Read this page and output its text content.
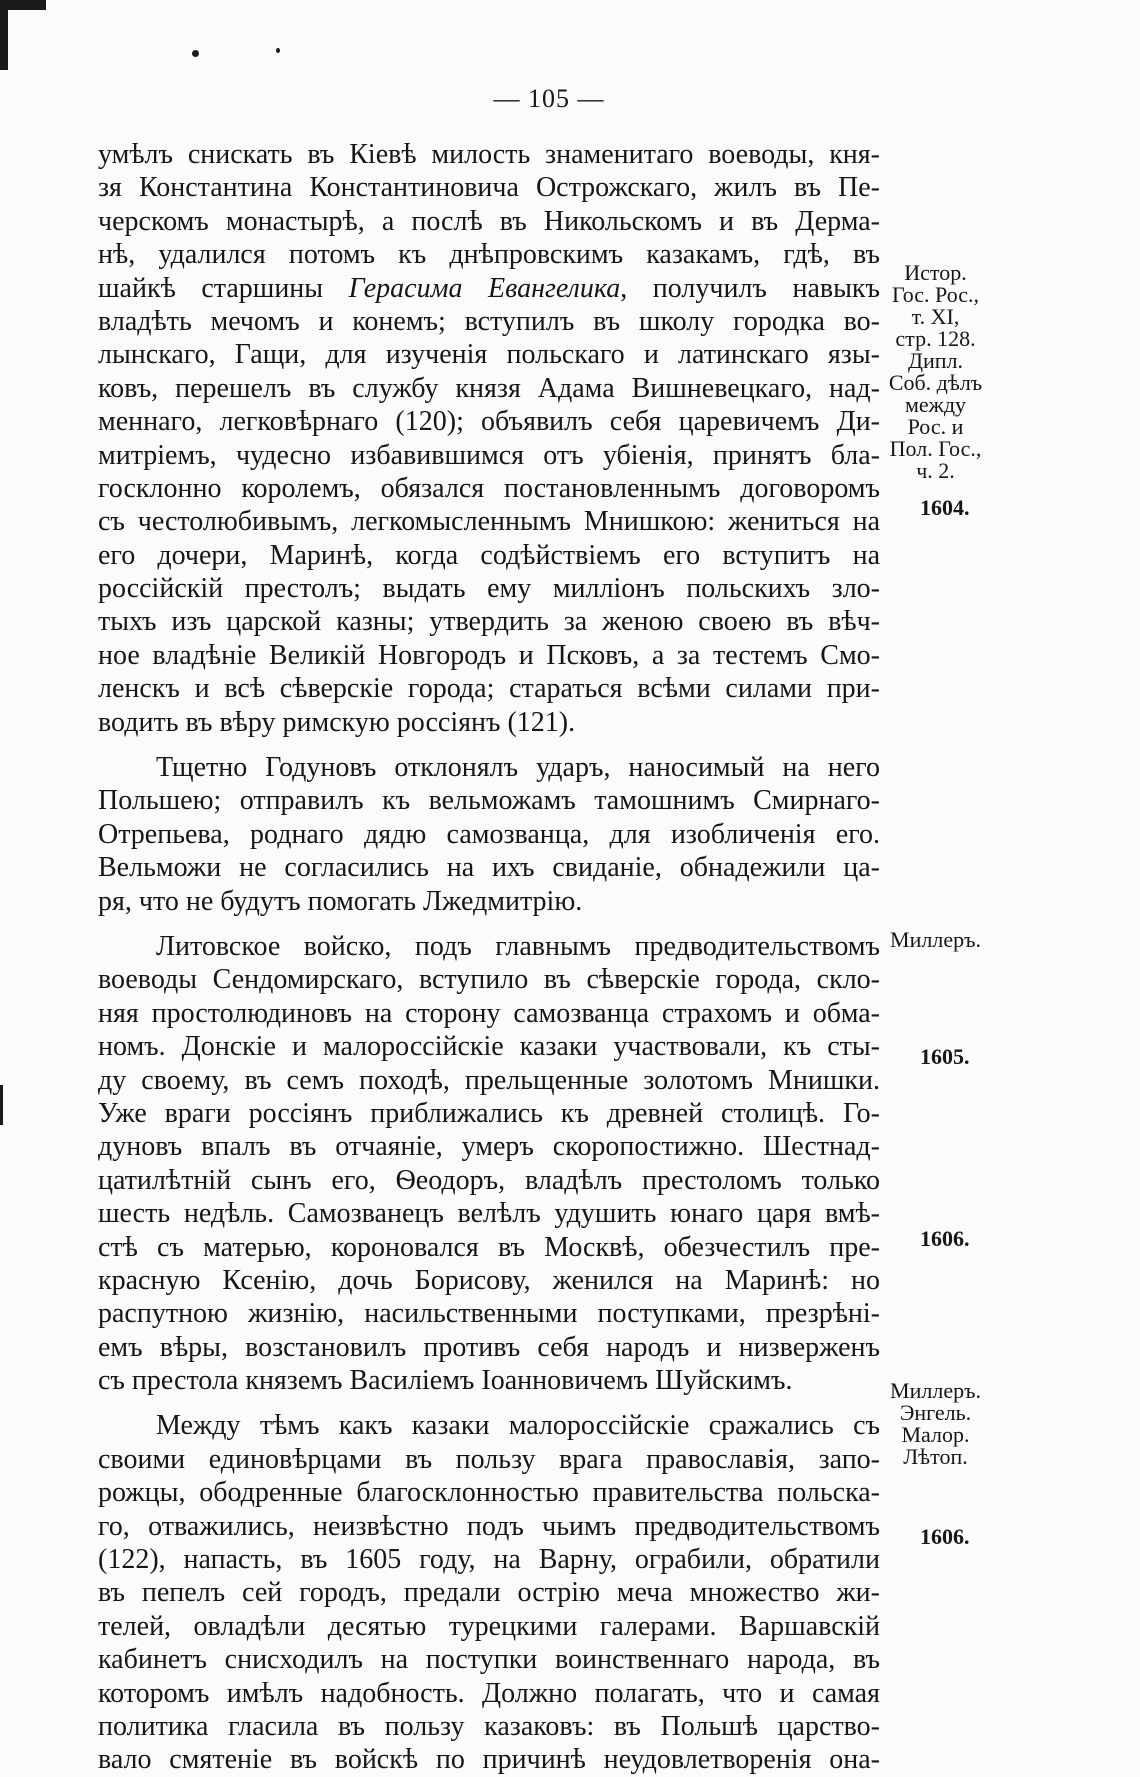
— 105 —
умѣлъ снискать въ Кіевѣ милость знаменитаго воеводы, кня-
зя Константина Константиновича Острожскаго, жилъ въ Пе-
черскомъ монастырѣ, а послѣ въ Никольскомъ и въ Дерма-
нѣ, удалился потомъ къ днѣпровскимъ казакамъ, гдѣ, въ
шайкѣ старшины Герасима Евангелика, получилъ навыкъ
владѣть мечомъ и конемъ; вступилъ въ школу городка во-
лынскаго, Гащи, для изученія польскаго и латинскаго язы-
ковъ, перешелъ въ службу князя Адама Вишневецкаго, над-
меннаго, легковѣрнаго (120); объявилъ себя царевичемъ Ди-
митріемъ, чудесно избавившимся отъ убіенія, принятъ бла-
госклонно королемъ, обязался постановленнымъ договоромъ
съ честолюбивымъ, легкомысленнымъ Мнишкою: жениться на
его дочери, Маринѣ, когда содѣйствіемъ его вступитъ на
россійскій престолъ; выдать ему милліонъ польскихъ зло-
тыхъ изъ царской казны; утвердить за женою своею въ вѣч-
ное владѣніе Великій Новгородъ и Псковъ, а за тестемъ Смо-
ленскъ и всѣ сѣверскіе города; стараться всѣми силами при-
водить въ вѣру римскую россіянъ (121).
Тщетно Годуновъ отклонялъ ударъ, наносимый на него
Польшею; отправилъ къ вельможамъ тамошнимъ Смирнаго-
Отрепьева, роднаго дядю самозванца, для изобличенія его.
Вельможи не согласились на ихъ свиданіе, обнадежили ца-
ря, что не будутъ помогать Лжедмитрію.
Литовское войско, подъ главнымъ предводительствомъ
воеводы Сендомирскаго, вступило въ сѣверскіе города, скло-
няя простолюдиновъ на сторону самозванца страхомъ и обма-
номъ. Донскіе и малороссійскіе казаки участвовали, къ сты-
ду своему, въ семъ походѣ, прельщенные золотомъ Мнишки.
Уже враги россіянъ приближались къ древней столицѣ. Го-
дуновъ впалъ въ отчаяніе, умеръ скоропостижно. Шестнад-
цатилѣтній сынъ его, Ѳеодоръ, владѣлъ престоломъ только
шесть недѣль. Самозванецъ велѣлъ удушить юнаго царя вмѣ-
стѣ съ матерью, короновался въ Москвѣ, обезчестилъ пре-
красную Ксенію, дочь Борисову, женился на Маринѣ: но
распутною жизнію, насильственными поступками, презрѣні-
емъ вѣры, возстановилъ противъ себя народъ и низверженъ
съ престола княземъ Василіемъ Іоанновичемъ Шуйскимъ.
Между тѣмъ какъ казаки малороссійскіе сражались съ
своими единовѣрцами въ пользу врага православія, запо-
рожцы, ободренные благосклонностью правительства польска-
го, отважились, неизвѣстно подъ чьимъ предводительствомъ
(122), напасть, въ 1605 году, на Варну, ограбили, обратили
въ пепелъ сей городъ, предали острію меча множество жи-
телей, овладѣли десятью турецкими галерами. Варшавскій
кабинетъ снисходилъ на поступки воинственнаго народа, въ
которомъ имѣлъ надобность. Должно полагать, что и самая
политика гласила въ пользу казаковъ: въ Польшѣ царство-
вало смятеніе въ войскѣ по причинѣ неудовлетворенія она-
Истор.
Гос. Рос.,
т. XI,
стр. 128.
Дипл.
Соб. дѣлъ
между
Рос. и
Пол. Гос.,
ч. 2.
1604.
Миллеръ.
1605.
1606.
Миллеръ.
Энгель.
Малор.
Лѣтоп.
1606.
